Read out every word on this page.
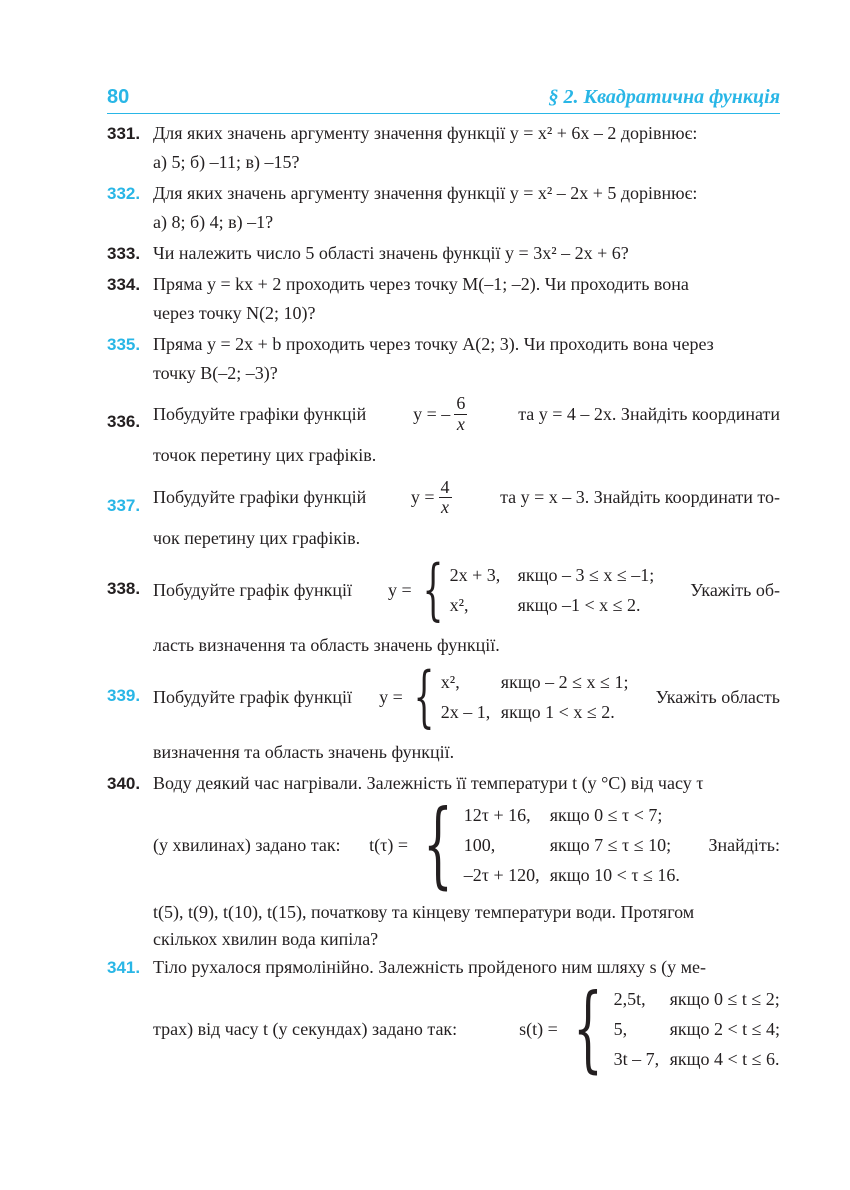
80	§ 2. Квадратична функція
331. Для яких значень аргументу значення функції y = x² + 6x – 2 дорівнює:
а) 5; б) –11; в) –15?
332. Для яких значень аргументу значення функції y = x² – 2x + 5 дорівнює:
а) 8; б) 4; в) –1?
333. Чи належить число 5 області значень функції y = 3x² – 2x + 6?
334. Пряма y = kx + 2 проходить через точку M(–1; –2). Чи проходить вона
через точку N(2; 10)?
335. Пряма y = 2x + b проходить через точку A(2; 3). Чи проходить вона через
точку B(–2; –3)?
336. Побудуйте графіки функцій	y = – $\frac{6}{x}$	та y = 4 – 2x. Знайдіть координати
точок перетину цих графіків.
337. Побудуйте графіки функцій $y = \frac{4}{x}$	та y = x – 3. Знайдіть координати то-
чок перетину цих графіків.
338. Побудуйте графік функції y = { 2x + 3, якщо – 3 ≤ x ≤ –1;
x²,	якщо –1 < x ≤ 2.
Укажіть об-
ласть визначення та область значень функції.
339. Побудуйте графік функції y = { x²,	якщо – 2 ≤ x ≤ 1;
2x – 1, якщо 1 < x ≤ 2.
Укажіть область
визначення та область значень функції.
340. Воду деякий час нагрівали. Залежність її температури t (у °C) від часу τ
(у хвилинах) задано так: t(τ) = { 12τ + 16,	якщо 0 ≤ τ < 7;
100,	якщо 7 ≤ τ ≤ 10;
–2τ + 120, якщо 10 < τ ≤ 16.
Знайдіть:
t(5), t(9), t(10), t(15), початкову та кінцеву температури води. Протягом
скількох хвилин вода кипіла?
341. Тіло рухалося прямолінійно. Залежність пройденого ним шляху s (у ме-
трах) від часу t (у секундах) задано так:	s(t) = { 2,5t,	якщо 0 ≤ t ≤ 2;
5,	якщо 2 < t ≤ 4;
3t – 7, якщо 4 < t ≤ 6.
